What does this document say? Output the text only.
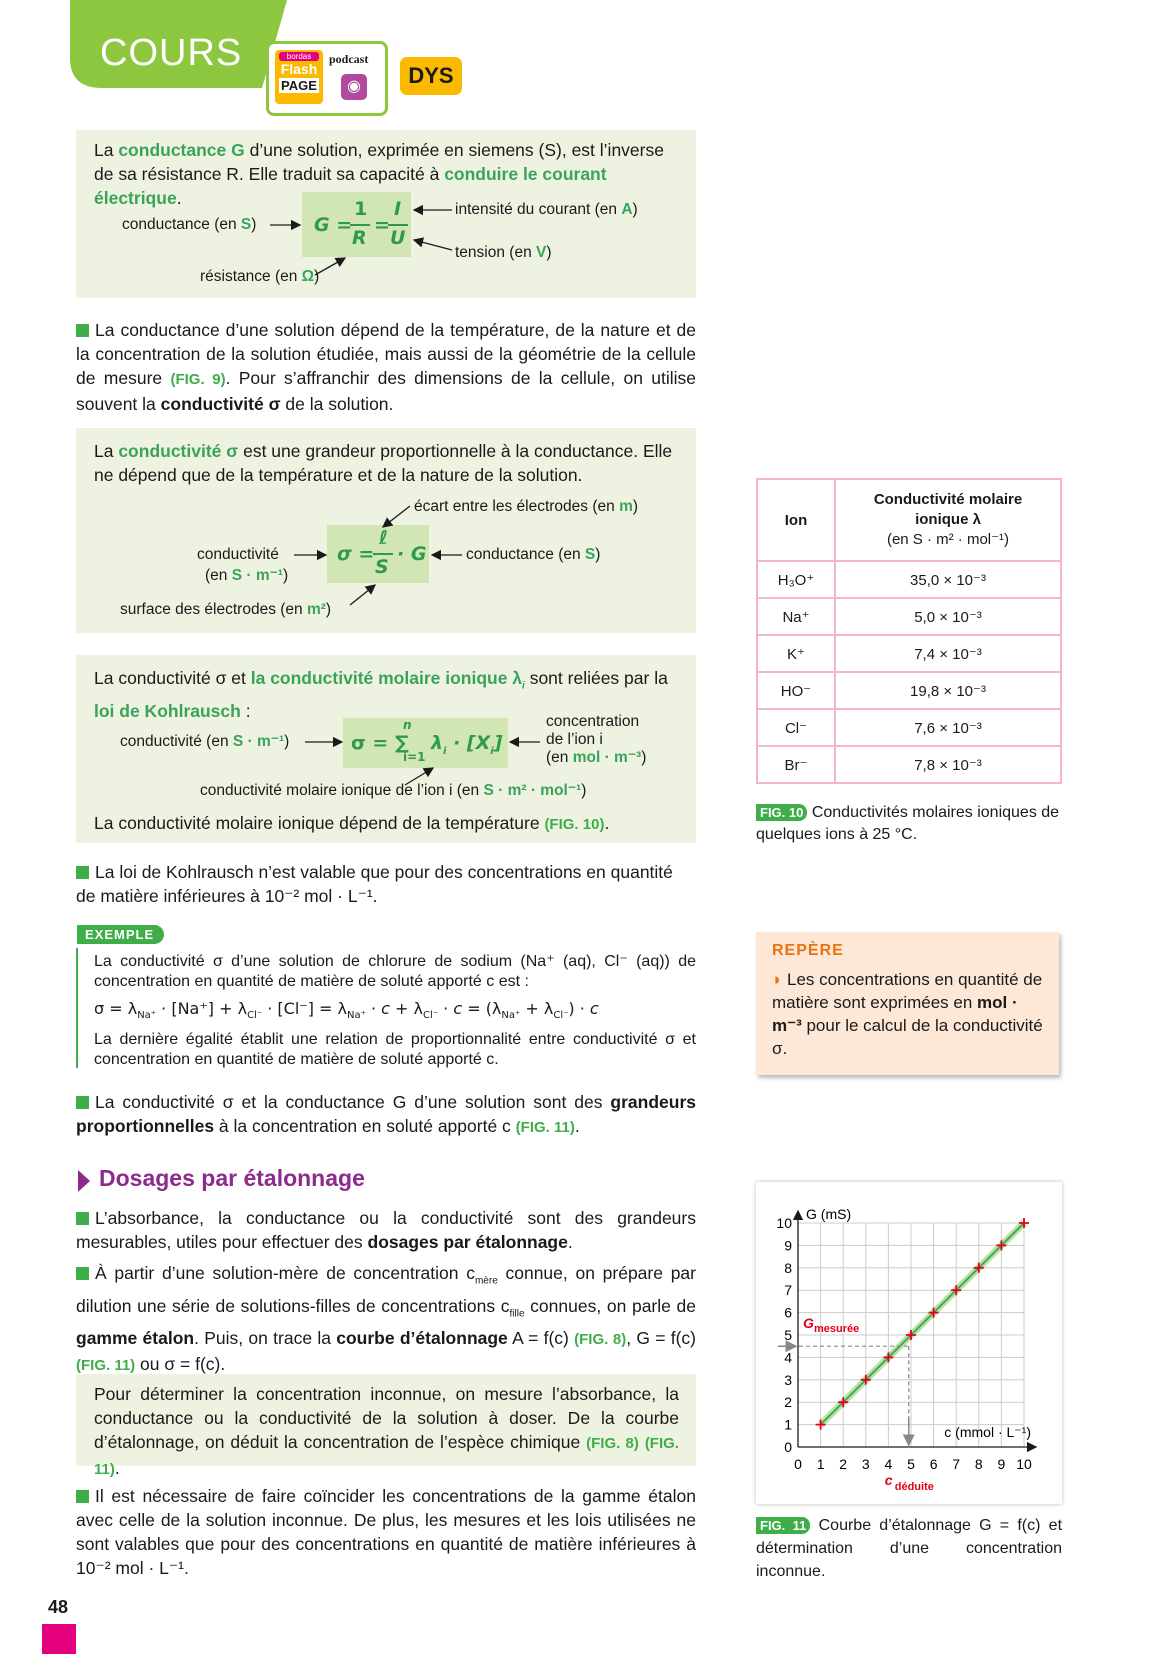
COURS	bordas
Flash
PAGE
podcast
◉	DYS
La conductance G d’une solution, exprimée en siemens (S), est l’inverse de sa résistance R. Elle traduit sa capacité à conduire le courant électrique.
G =
1
R
=
I
U
conductance (en S)
intensité du courant (en A)
tension (en V)
résistance (en Ω)
La conductance d’une solution dépend de la température, de la nature et de la concentration de la solution étudiée, mais aussi de la géométrie de la cellule de mesure (FIG. 9). Pour s’affranchir des dimensions de la cellule, on utilise souvent la conductivité σ de la solution.
La conductivité σ est une grandeur proportionnelle à la conductance. Elle ne dépend que de la température et de la nature de la solution.
σ =
ℓ
S
· G
écart entre les électrodes (en m)
conductivité
(en S · m⁻¹)
conductance (en S)
surface des électrodes (en m²)
La conductivité σ et la conductivité molaire ionique $\lambda_i$ sont reliées par la loi de Kohlrausch :
σ = ∑
n
i=1
$\lambda_i \cdot [X_i]$
conductivité (en S · m⁻¹)
concentration
de l’ion i
(en mol · m⁻³)
conductivité molaire ionique de l’ion i (en S · m² · mol⁻¹)
La conductivité molaire ionique dépend de la température (FIG. 10).
La loi de Kohlrausch n’est valable que pour des concentrations en quantité de matière inférieures à 10⁻² mol · L⁻¹.
EXEMPLE
La conductivité σ d’une solution de chlorure de sodium (Na⁺ (aq), Cl⁻ (aq)) de concentration en quantité de matière de soluté apporté c est :
$\sigma = \lambda_{Na^+} \cdot [Na^+] + \lambda_{Cl^-} \cdot [Cl^-] = \lambda_{Na^+} \cdot c + \lambda_{Cl^-} \cdot c = (\lambda_{Na^+} + \lambda_{Cl^-}) \cdot c$
La dernière égalité établit une relation de proportionnalité entre conductivité σ et concentration en quantité de matière de soluté apporté c.
La conductivité σ et la conductance G d’une solution sont des grandeurs proportionnelles à la concentration en soluté apporté c (FIG. 11).
Dosages par étalonnage
L’absorbance, la conductance ou la conductivité sont des grandeurs mesurables, utiles pour effectuer des dosages par étalonnage.
À partir d’une solution-mère de concentration $c_{mère}$ connue, on prépare par dilution une série de solutions-filles de concentrations $c_{fille}$ connues, on parle de gamme étalon. Puis, on trace la courbe d’étalonnage A = f(c) (FIG. 8), G = f(c) (FIG. 11) ou σ = f(c).
Pour déterminer la concentration inconnue, on mesure l’absorbance, la conductance ou la conductivité de la solution à doser. De la courbe d’étalonnage, on déduit la concentration de l’espèce chimique (FIG. 8) (FIG. 11).
Il est nécessaire de faire coïncider les concentrations de la gamme étalon avec celle de la solution inconnue. De plus, les mesures et les lois utilisées ne sont valables que pour des concentrations en quantité de matière inférieures à 10⁻² mol · L⁻¹.
48
Ion	Conductivité molaire
ionique λ
(en S · m² · mol⁻¹)

H₃O⁺	35,0 × 10⁻³
Na⁺	5,0 × 10⁻³
K⁺	7,4 × 10⁻³
HO⁻	19,8 × 10⁻³
Cl⁻	7,6 × 10⁻³
Br⁻	7,8 × 10⁻³
FIG. 10 Conductivités molaires ioniques de quelques ions à 25 °C.
REPÈRE
◗ Les concentrations en quantité de matière sont exprimées en mol · m⁻³ pour le calcul de la conductivité σ.
0 1 2 3 4 5 6 7 8 9 10
0
1
2
3
4
5
6
7
8
9
10
G (mS)
c (mmol · L⁻¹)
G mesurée
c déduite
FIG. 11 Courbe d’étalonnage G = f(c) et détermination d’une concentration inconnue.
